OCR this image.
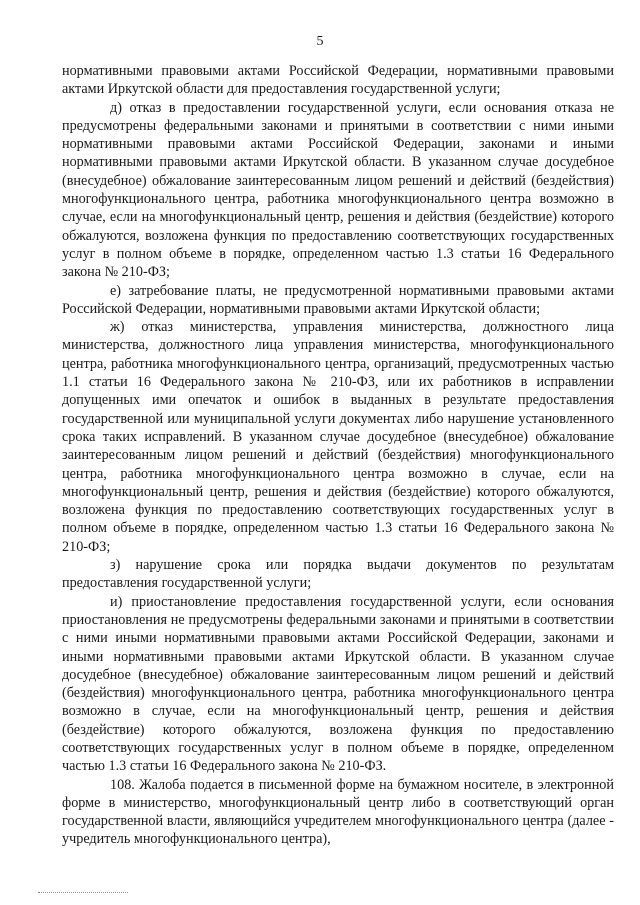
5

нормативными правовыми актами Российской Федерации, нормативными правовыми актами Иркутской области для предоставления государственной услуги;

д) отказ в предоставлении государственной услуги, если основания отказа не предусмотрены федеральными законами и принятыми в соответствии с ними иными нормативными правовыми актами Российской Федерации, законами и иными нормативными правовыми актами Иркутской области. В указанном случае досудебное (внесудебное) обжалование заинтересованным лицом решений и действий (бездействия) многофункционального центра, работника многофункционального центра возможно в случае, если на многофункциональный центр, решения и действия (бездействие) которого обжалуются, возложена функция по предоставлению соответствующих государственных услуг в полном объеме в порядке, определенном частью 1.3 статьи 16 Федерального закона № 210-ФЗ;

е) затребование платы, не предусмотренной нормативными правовыми актами Российской Федерации, нормативными правовыми актами Иркутской области;

ж) отказ министерства, управления министерства, должностного лица министерства, должностного лица управления министерства, многофункционального центра, работника многофункционального центра, организаций, предусмотренных частью 1.1 статьи 16 Федерального закона № 210-ФЗ, или их работников в исправлении допущенных ими опечаток и ошибок в выданных в результате предоставления государственной или муниципальной услуги документах либо нарушение установленного срока таких исправлений. В указанном случае досудебное (внесудебное) обжалование заинтересованным лицом решений и действий (бездействия) многофункционального центра, работника многофункционального центра возможно в случае, если на многофункциональный центр, решения и действия (бездействие) которого обжалуются, возложена функция по предоставлению соответствующих государственных услуг в полном объеме в порядке, определенном частью 1.3 статьи 16 Федерального закона № 210-ФЗ;

з) нарушение срока или порядка выдачи документов по результатам предоставления государственной услуги;

и) приостановление предоставления государственной услуги, если основания приостановления не предусмотрены федеральными законами и принятыми в соответствии с ними иными нормативными правовыми актами Российской Федерации, законами и иными нормативными правовыми актами Иркутской области. В указанном случае досудебное (внесудебное) обжалование заинтересованным лицом решений и действий (бездействия) многофункционального центра, работника многофункционального центра возможно в случае, если на многофункциональный центр, решения и действия (бездействие) которого обжалуются, возложена функция по предоставлению соответствующих государственных услуг в полном объеме в порядке, определенном частью 1.3 статьи 16 Федерального закона № 210-ФЗ.

108. Жалоба подается в письменной форме на бумажном носителе, в электронной форме в министерство, многофункциональный центр либо в соответствующий орган государственной власти, являющийся учредителем многофункционального центра (далее - учредитель многофункционального центра),
